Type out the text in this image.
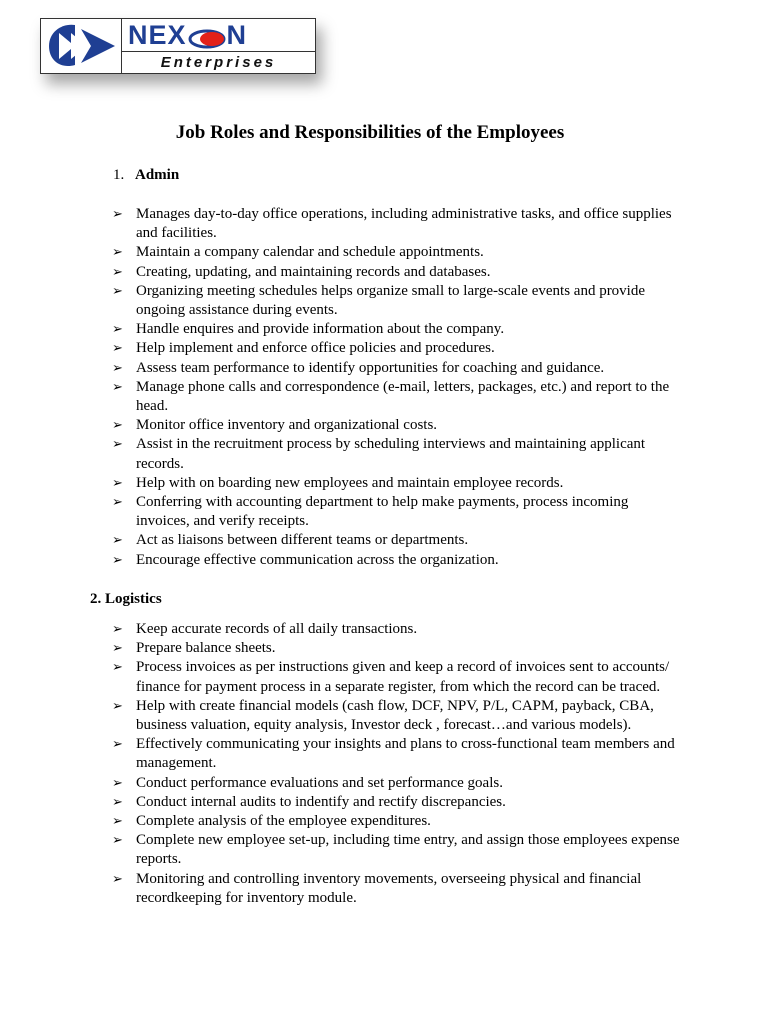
NEX N
Enterprises
Job Roles and Responsibilities of the Employees
1. Admin
➢ Manages day-to-day office operations, including administrative tasks, and office supplies and facilities.
➢ Maintain a company calendar and schedule appointments.
➢ Creating, updating, and maintaining records and databases.
➢ Organizing meeting schedules helps organize small to large-scale events and provide ongoing assistance during events.
➢ Handle enquires and provide information about the company.
➢ Help implement and enforce office policies and procedures.
➢ Assess team performance to identify opportunities for coaching and guidance.
➢ Manage phone calls and correspondence (e-mail, letters, packages, etc.) and report to the head.
➢ Monitor office inventory and organizational costs.
➢ Assist in the recruitment process by scheduling interviews and maintaining applicant records.
➢ Help with on boarding new employees and maintain employee records.
➢ Conferring with accounting department to help make payments, process incoming invoices, and verify receipts.
➢ Act as liaisons between different teams or departments.
➢ Encourage effective communication across the organization.
2. Logistics
➢ Keep accurate records of all daily transactions.
➢ Prepare balance sheets.
➢ Process invoices as per instructions given and keep a record of invoices sent to accounts/ finance for payment process in a separate register, from which the record can be traced.
➢ Help with create financial models (cash flow, DCF, NPV, P/L, CAPM, payback, CBA, business valuation, equity analysis, Investor deck , forecast…and various models).
➢ Effectively communicating your insights and plans to cross-functional team members and management.
➢ Conduct performance evaluations and set performance goals.
➢ Conduct internal audits to indentify and rectify discrepancies.
➢ Complete analysis of the employee expenditures.
➢ Complete new employee set-up, including time entry, and assign those employees expense reports.
➢ Monitoring and controlling inventory movements, overseeing physical and financial recordkeeping for inventory module.
